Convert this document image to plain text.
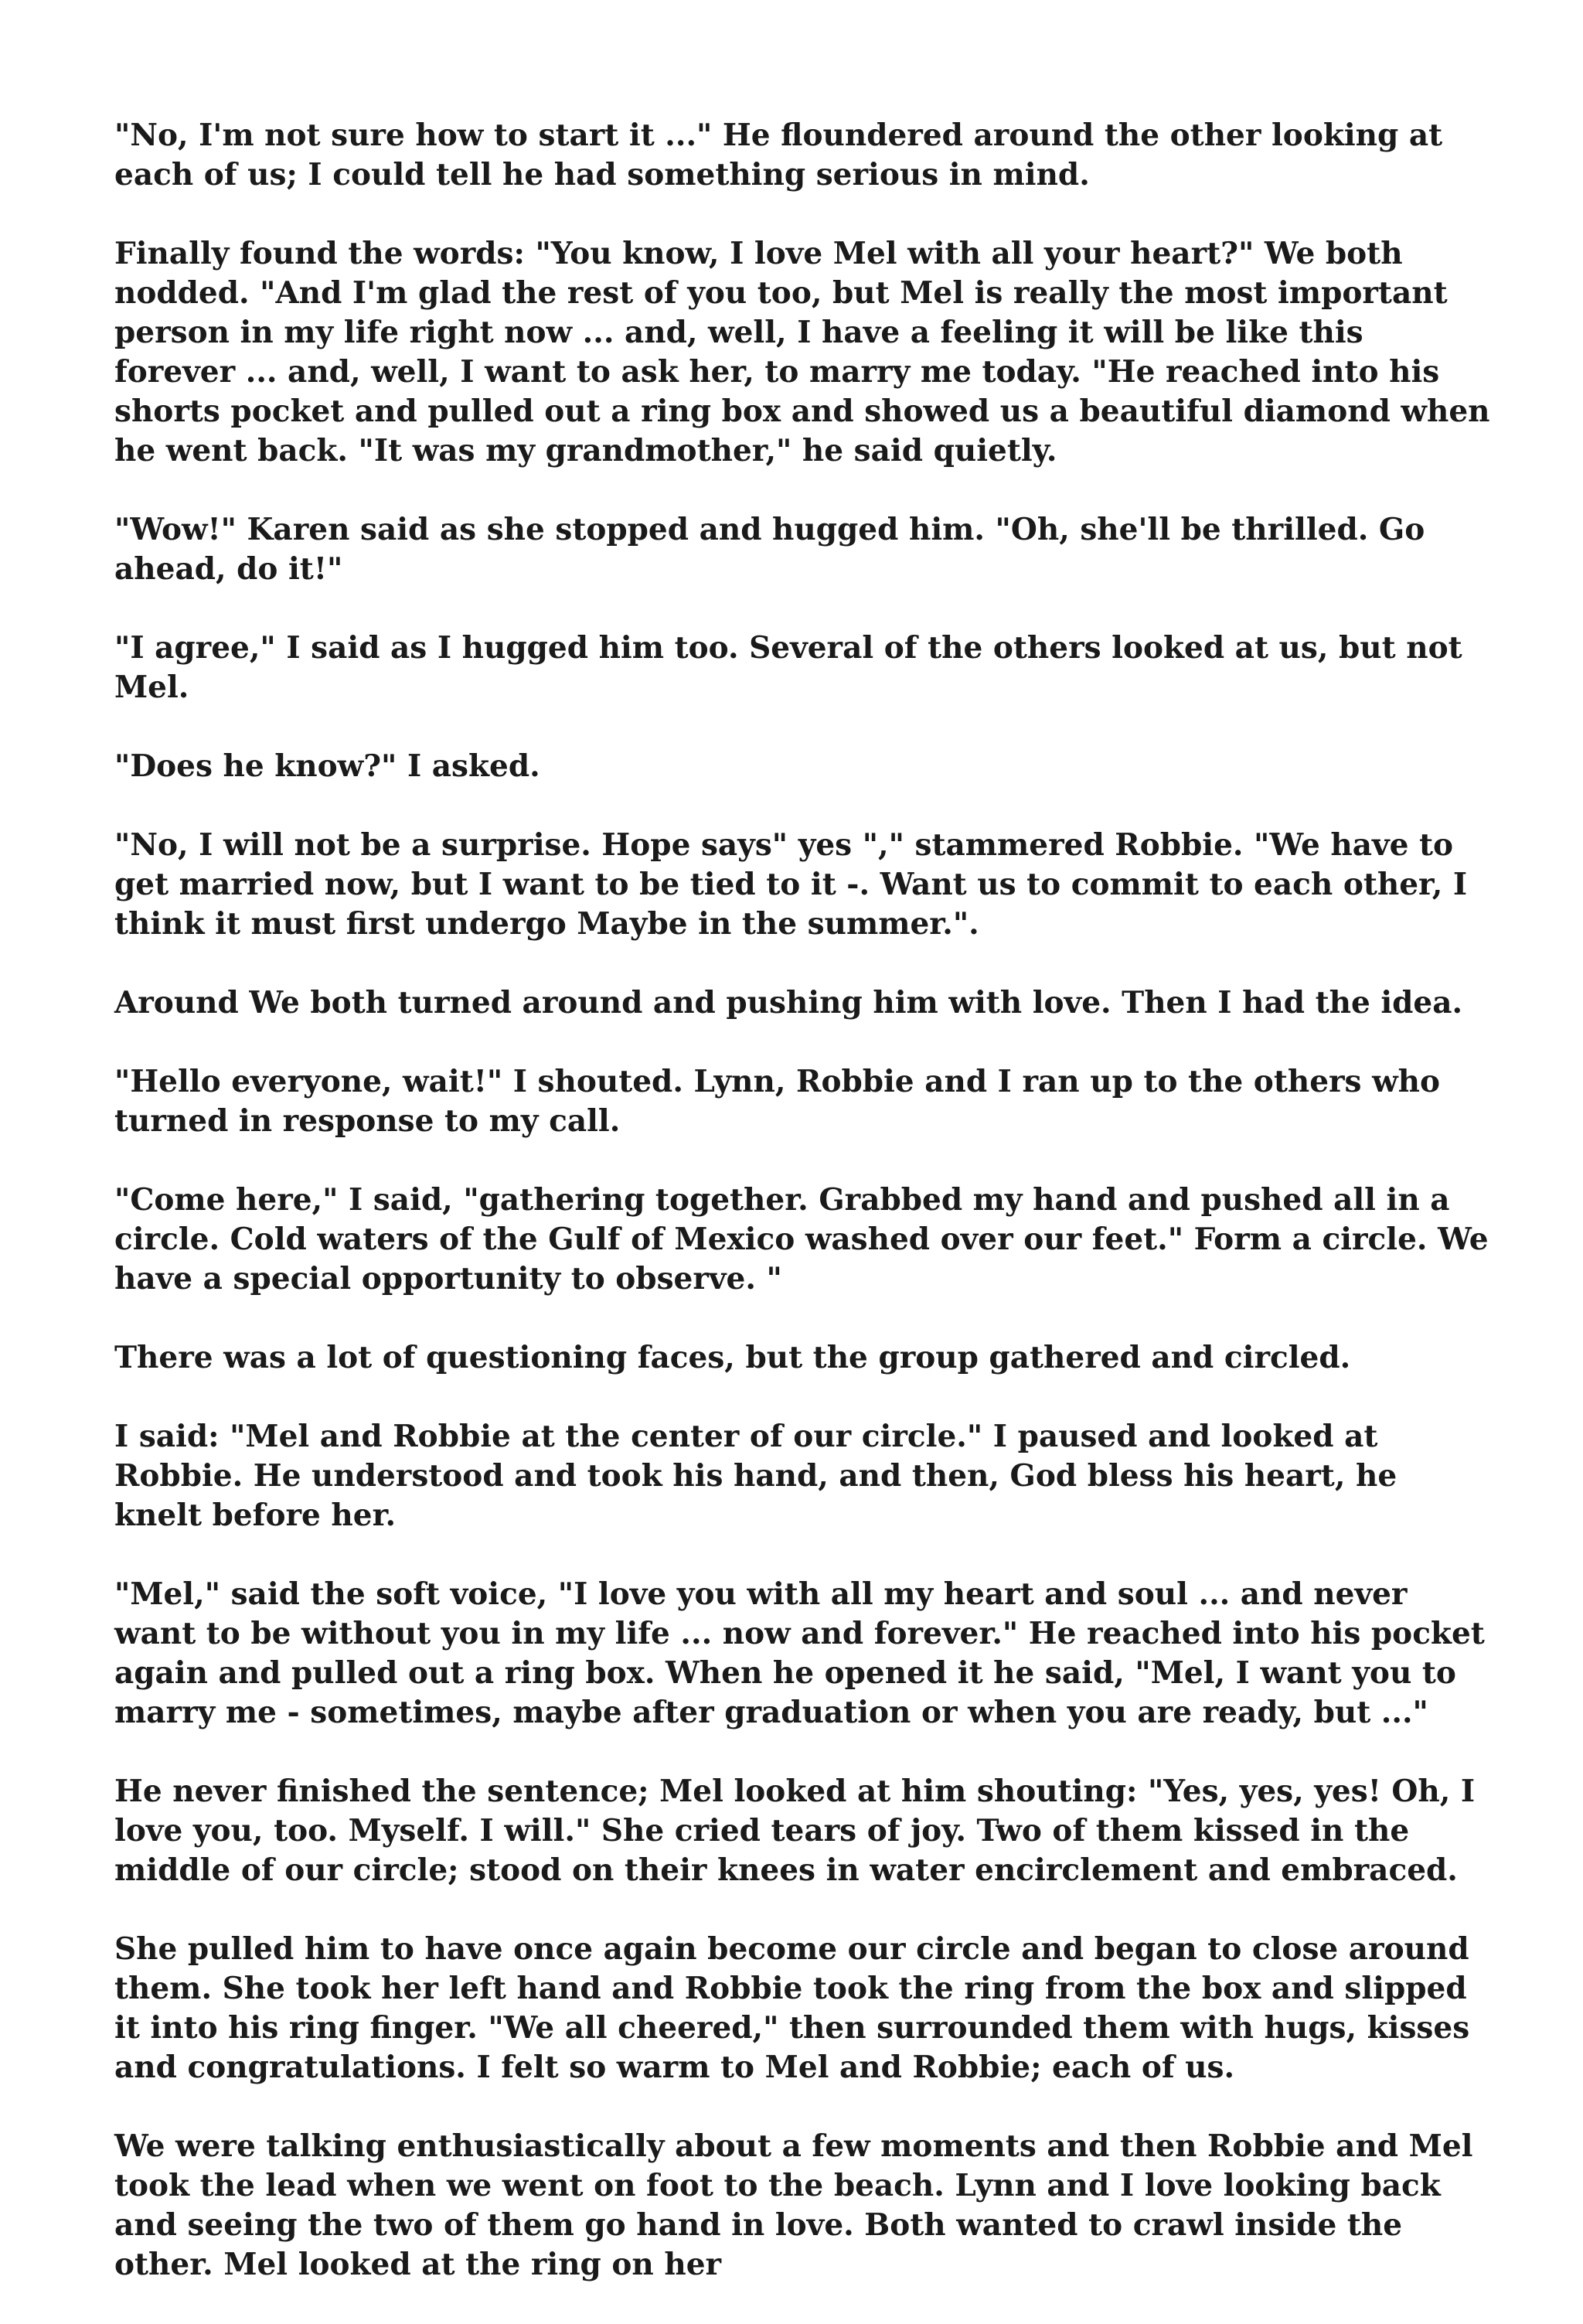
"No, I'm not sure how to start it ..." He floundered around the other looking at each of us; I could tell he had something serious in mind.

Finally found the words: "You know, I love Mel with all your heart?" We both nodded. "And I'm glad the rest of you too, but Mel is really the most important person in my life right now ... and, well, I have a feeling it will be like this forever ... and, well, I want to ask her, to marry me today. "He reached into his shorts pocket and pulled out a ring box and showed us a beautiful diamond when he went back. "It was my grandmother," he said quietly.

"Wow!" Karen said as she stopped and hugged him. "Oh, she'll be thrilled. Go ahead, do it!"

"I agree," I said as I hugged him too. Several of the others looked at us, but not Mel.

"Does he know?" I asked.

"No, I will not be a surprise. Hope says" yes "," stammered Robbie. "We have to get married now, but I want to be tied to it -. Want us to commit to each other, I think it must first undergo Maybe in the summer.".

Around We both turned around and pushing him with love. Then I had the idea.

"Hello everyone, wait!" I shouted. Lynn, Robbie and I ran up to the others who turned in response to my call.

"Come here," I said, "gathering together. Grabbed my hand and pushed all in a circle. Cold waters of the Gulf of Mexico washed over our feet." Form a circle. We have a special opportunity to observe. "

There was a lot of questioning faces, but the group gathered and circled.

I said: "Mel and Robbie at the center of our circle." I paused and looked at Robbie. He understood and took his hand, and then, God bless his heart, he knelt before her.

"Mel," said the soft voice, "I love you with all my heart and soul ... and never want to be without you in my life ... now and forever." He reached into his pocket again and pulled out a ring box. When he opened it he said, "Mel, I want you to marry me - sometimes, maybe after graduation or when you are ready, but ..."

He never finished the sentence; Mel looked at him shouting: "Yes, yes, yes! Oh, I love you, too. Myself. I will." She cried tears of joy. Two of them kissed in the middle of our circle; stood on their knees in water encirclement and embraced.

She pulled him to have once again become our circle and began to close around them. She took her left hand and Robbie took the ring from the box and slipped it into his ring finger. "We all cheered," then surrounded them with hugs, kisses and congratulations. I felt so warm to Mel and Robbie; each of us.

We were talking enthusiastically about a few moments and then Robbie and Mel took the lead when we went on foot to the beach. Lynn and I love looking back and seeing the two of them go hand in love. Both wanted to crawl inside the other. Mel looked at the ring on her
